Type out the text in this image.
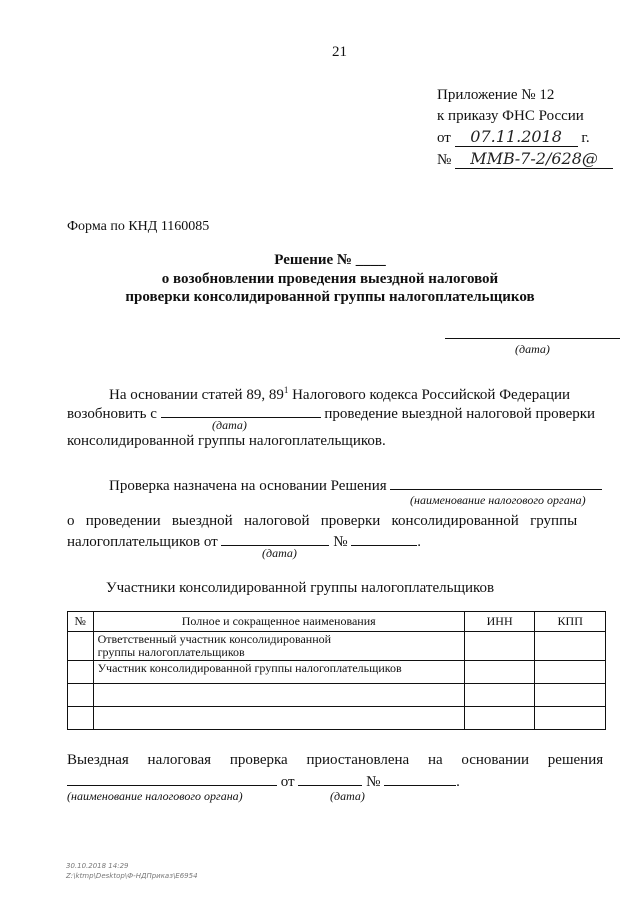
21
Приложение № 12
к приказу ФНС России
от 07.11.2018 г.
№ ММВ-7-2/628@
Форма по КНД 1160085
Решение № ____
о возобновлении проведения выездной налоговой
проверки консолидированной группы налогоплательщиков
(дата)
На основании статей 89, $89^1$ Налогового кодекса Российской Федерации
возобновить с	проведение выездной налоговой проверки
(дата)
консолидированной группы налогоплательщиков.
Проверка назначена на основании Решения
(наименование налогового органа)
о   проведении   выездной   налоговой   проверки   консолидированной   группы
налогоплательщиков от	№	.
(дата)
Участники консолидированной группы налогоплательщиков
№	Полное и сокращенное наименования	ИНН	КПП
	Ответственный участник консолидированной группы налогоплательщиков		
	Участник консолидированной группы налогоплательщиков		

Выездная     налоговая     проверка     приостановлена     на     основании     решения
от	№	.
(наименование налогового органа)	(дата)
30.10.2018 14:29
Z:\ktmp\Desktop\Ф-НДПриказ\Е6954
